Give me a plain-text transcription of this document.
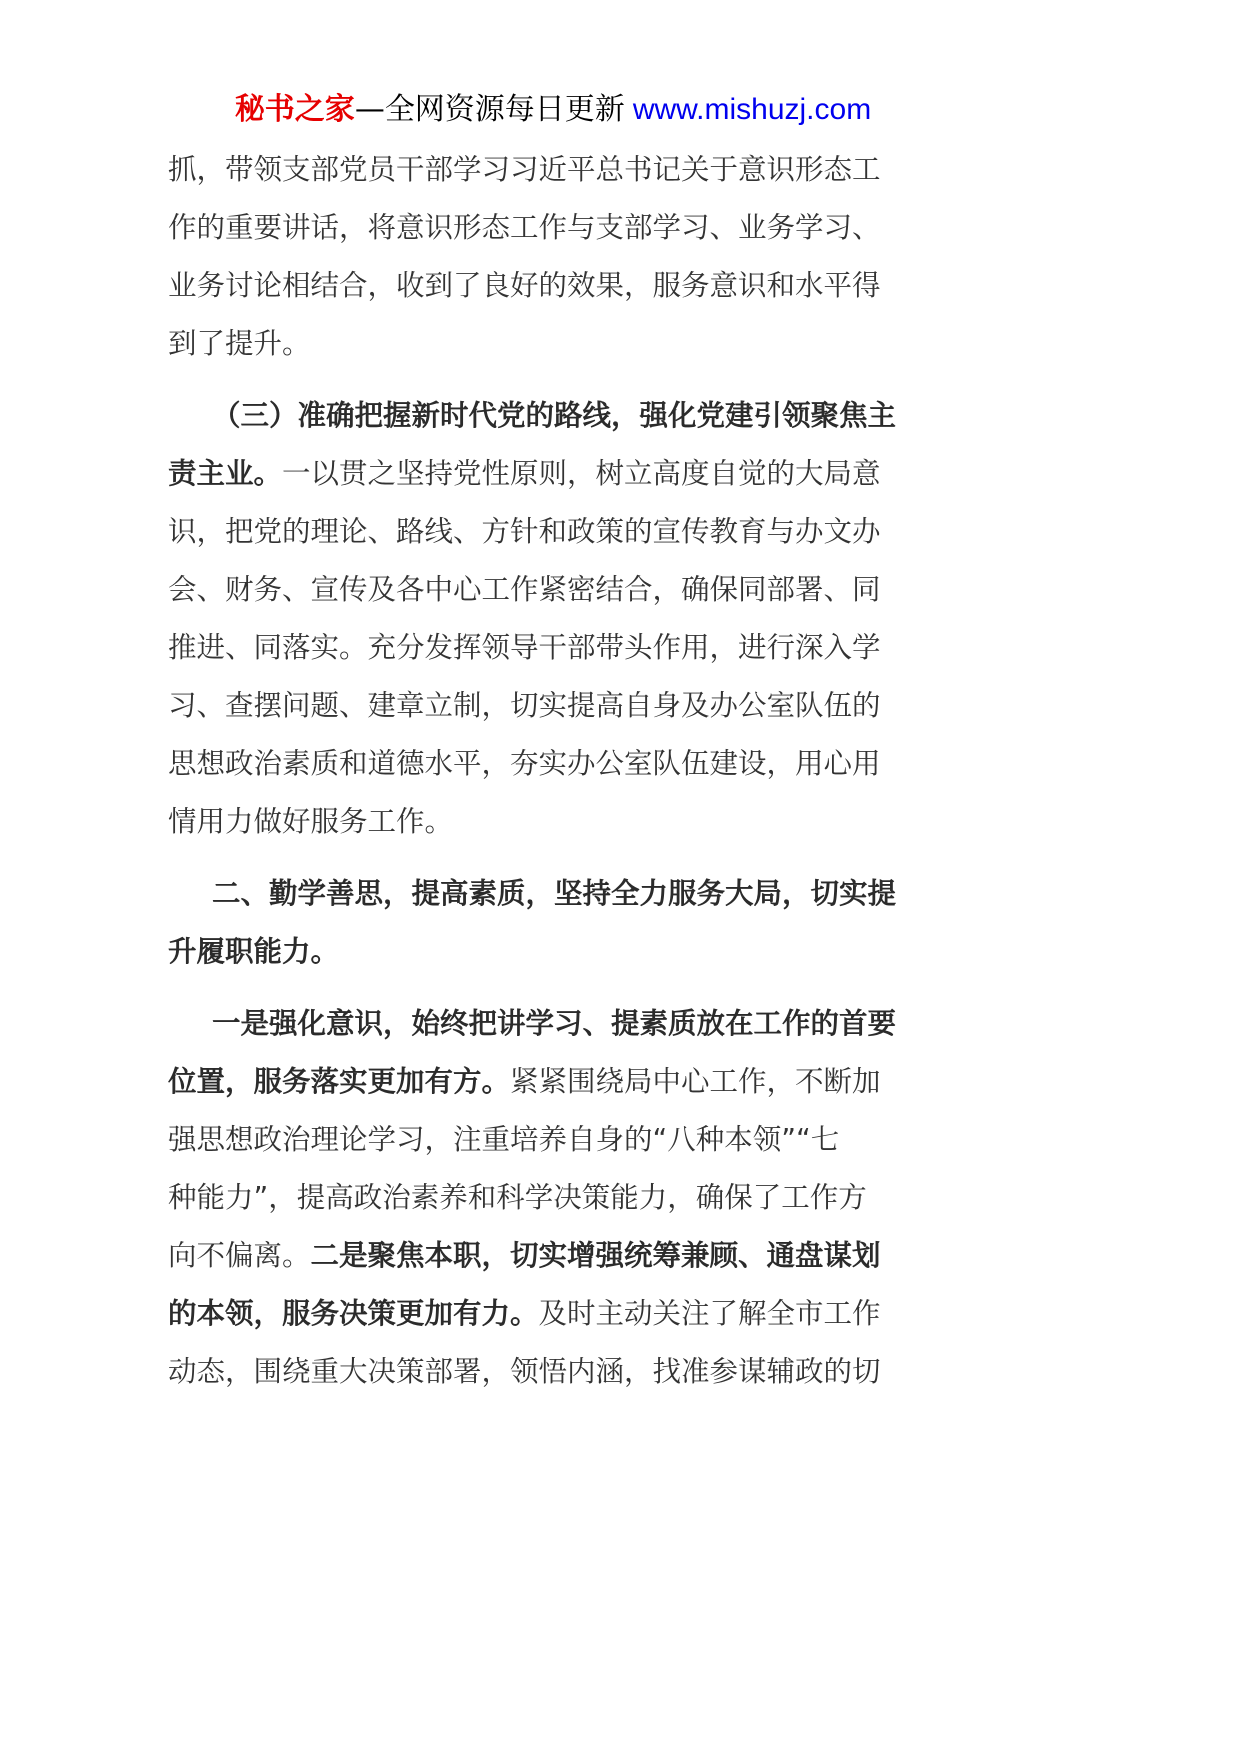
秘书之家—全网资源每日更新 www.mishuzj.com
抓，带领支部党员干部学习习近平总书记关于意识形态工
作的重要讲话，将意识形态工作与支部学习、业务学习、
业务讨论相结合，收到了良好的效果，服务意识和水平得
到了提升。
（三）准确把握新时代党的路线，强化党建引领聚焦主
责主业。一以贯之坚持党性原则，树立高度自觉的大局意
识，把党的理论、路线、方针和政策的宣传教育与办文办
会、财务、宣传及各中心工作紧密结合，确保同部署、同
推进、同落实。充分发挥领导干部带头作用，进行深入学
习、查摆问题、建章立制，切实提高自身及办公室队伍的
思想政治素质和道德水平，夯实办公室队伍建设，用心用
情用力做好服务工作。
二、勤学善思，提高素质，坚持全力服务大局，切实提
升履职能力。
一是强化意识，始终把讲学习、提素质放在工作的首要
位置，服务落实更加有方。紧紧围绕局中心工作，不断加
强思想政治理论学习，注重培养自身的“八种本领”“七
种能力”，提高政治素养和科学决策能力，确保了工作方
向不偏离。二是聚焦本职，切实增强统筹兼顾、通盘谋划
的本领，服务决策更加有力。及时主动关注了解全市工作
动态，围绕重大决策部署，领悟内涵，找准参谋辅政的切
